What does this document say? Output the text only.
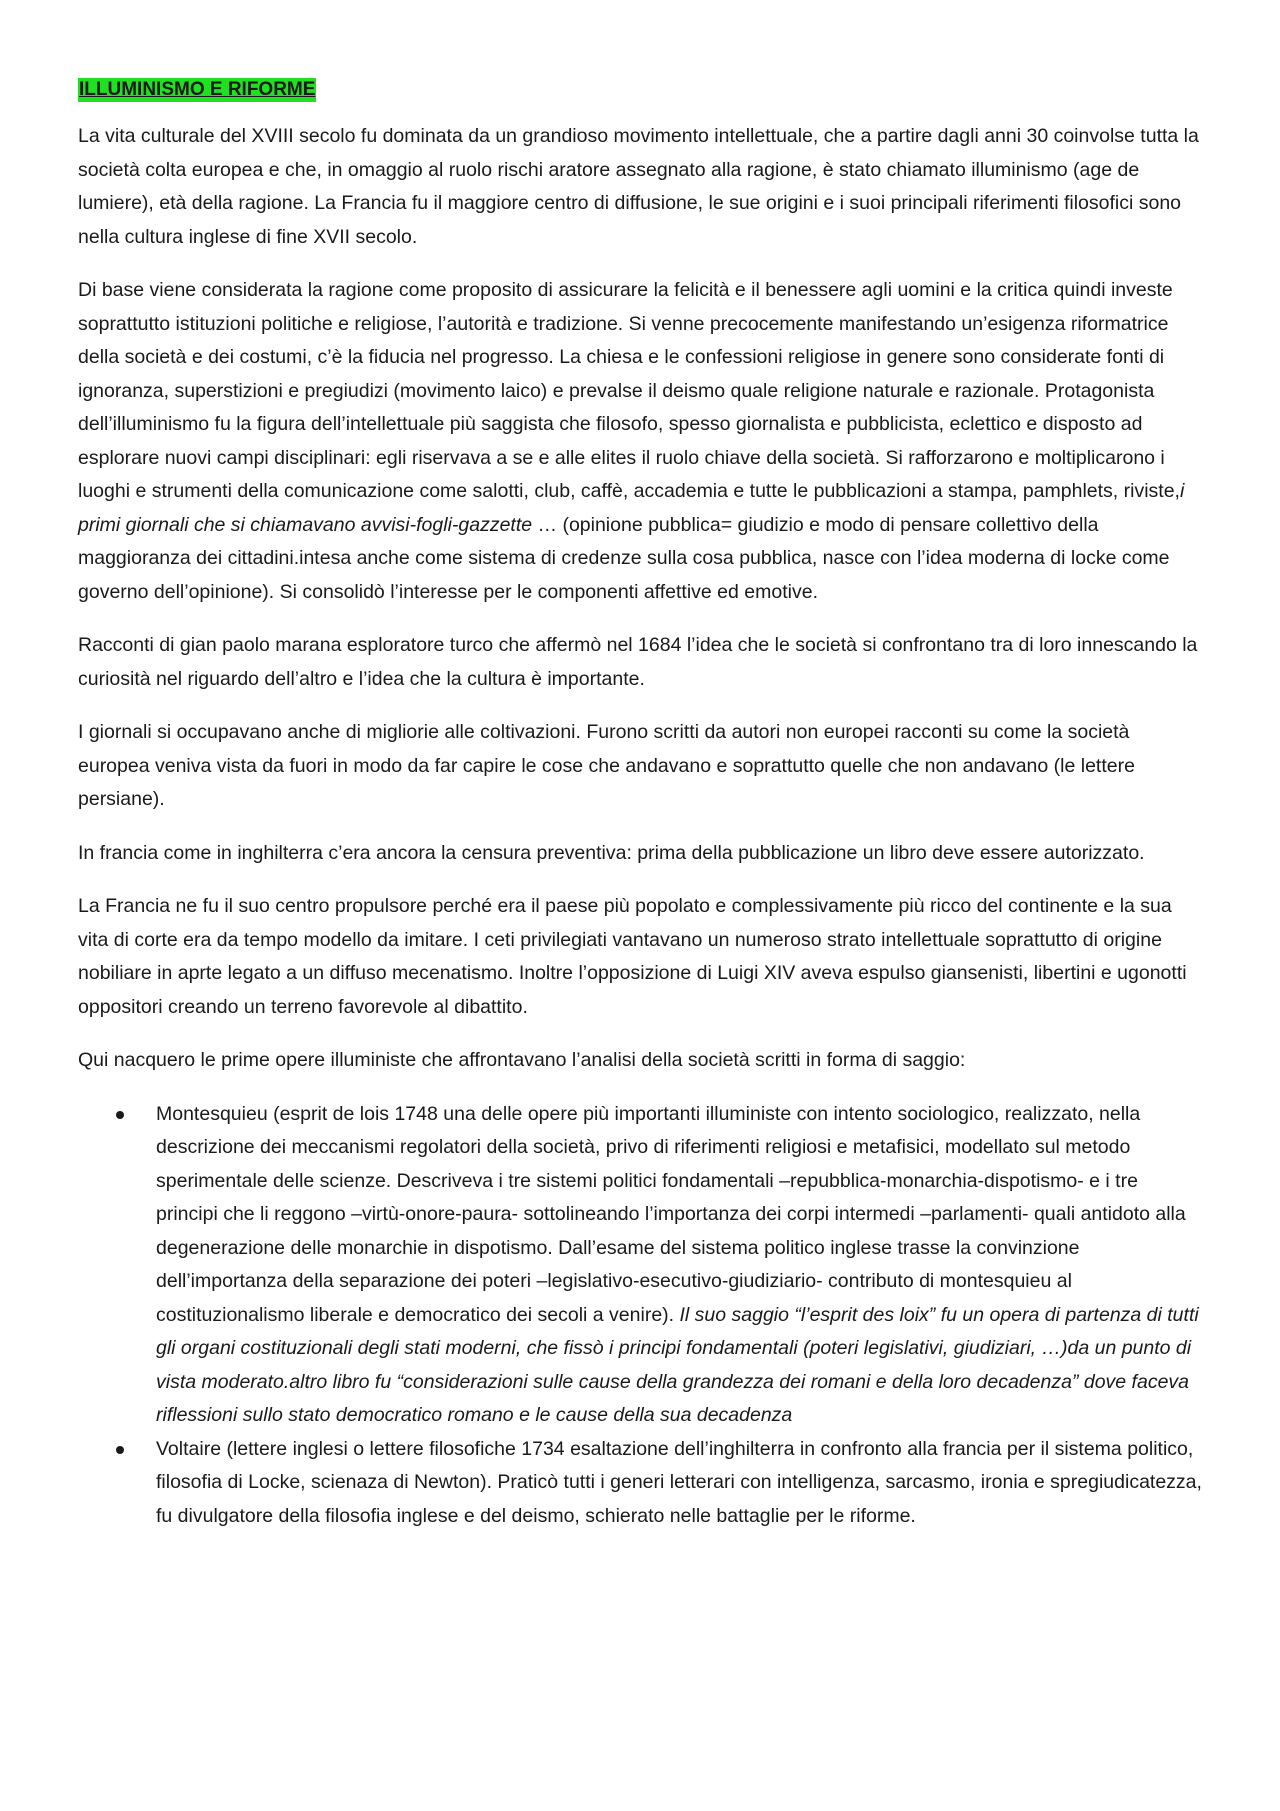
ILLUMINISMO E RIFORME

La vita culturale del XVIII secolo fu dominata da un grandioso movimento intellettuale, che a partire dagli anni 30 coinvolse tutta la società colta europea e che, in omaggio al ruolo rischi aratore assegnato alla ragione, è stato chiamato illuminismo (age de lumiere), età della ragione. La Francia fu il maggiore centro di diffusione, le sue origini e i suoi principali riferimenti filosofici sono nella cultura inglese di fine XVII secolo.

Di base viene considerata la ragione come proposito di assicurare la felicità e il benessere agli uomini e la critica quindi investe soprattutto istituzioni politiche e religiose, l’autorità e tradizione. Si venne precocemente manifestando un’esigenza riformatrice della società e dei costumi, c’è la fiducia nel progresso. La chiesa e le confessioni religiose in genere sono considerate fonti di ignoranza, superstizioni e pregiudizi (movimento laico) e prevalse il deismo quale religione naturale e razionale. Protagonista dell’illuminismo fu la figura dell’intellettuale più saggista che filosofo, spesso giornalista e pubblicista, eclettico e disposto ad esplorare nuovi campi disciplinari: egli riservava a se e alle elites il ruolo chiave della società. Si rafforzarono e moltiplicarono i luoghi e strumenti della comunicazione come salotti, club, caffè, accademia e tutte le pubblicazioni a stampa, pamphlets, riviste,i primi giornali che si chiamavano avvisi-fogli-gazzette … (opinione pubblica= giudizio e modo di pensare collettivo della maggioranza dei cittadini.intesa anche come sistema di credenze sulla cosa pubblica, nasce con l’idea moderna di locke come governo dell’opinione). Si consolidò l’interesse per le componenti affettive ed emotive.

Racconti di gian paolo marana esploratore turco che affermò nel 1684 l’idea che le società si confrontano tra di loro innescando la curiosità nel riguardo dell’altro e l’idea che la cultura è importante.

I giornali si occupavano anche di migliorie alle coltivazioni. Furono scritti da autori non europei racconti su come la società europea veniva vista da fuori in modo da far capire le cose che andavano e soprattutto quelle che non andavano (le lettere persiane).

In francia come in inghilterra c’era ancora la censura preventiva: prima della pubblicazione un libro deve essere autorizzato.

La Francia ne fu il suo centro propulsore perché era il paese più popolato e complessivamente più ricco del continente e la sua vita di corte era da tempo modello da imitare. I ceti privilegiati vantavano un numeroso strato intellettuale soprattutto di origine nobiliare in aprte legato a un diffuso mecenatismo. Inoltre l’opposizione di Luigi XIV aveva espulso giansenisti, libertini e ugonotti oppositori creando un terreno favorevole al dibattito.

Qui nacquero le prime opere illuministe che affrontavano l’analisi della società scritti in forma di saggio:

Montesquieu (esprit de lois 1748 una delle opere più importanti illuministe con intento sociologico, realizzato, nella descrizione dei meccanismi regolatori della società, privo di riferimenti religiosi e metafisici, modellato sul metodo sperimentale delle scienze. Descriveva i tre sistemi politici fondamentali –repubblica-monarchia-dispotismo- e i tre principi che li reggono –virtù-onore-paura- sottolineando l’importanza dei corpi intermedi –parlamenti- quali antidoto alla degenerazione delle monarchie in dispotismo. Dall’esame del sistema politico inglese trasse la convinzione dell’importanza della separazione dei poteri –legislativo-esecutivo-giudiziario- contributo di montesquieu al costituzionalismo liberale e democratico dei secoli a venire). Il suo saggio “l’esprit des loix” fu un opera di partenza di tutti gli organi costituzionali degli stati moderni, che fissò i principi fondamentali (poteri legislativi, giudiziari, …)da un punto di vista moderato.altro libro fu “considerazioni sulle cause della grandezza dei romani e della loro decadenza” dove faceva riflessioni sullo stato democratico romano e le cause della sua decadenza
Voltaire (lettere inglesi o lettere filosofiche 1734 esaltazione dell’inghilterra in confronto alla francia per il sistema politico, filosofia di Locke, scienaza di Newton). Praticò tutti i generi letterari con intelligenza, sarcasmo, ironia e spregiudicatezza, fu divulgatore della filosofia inglese e del deismo, schierato nelle battaglie per le riforme.
